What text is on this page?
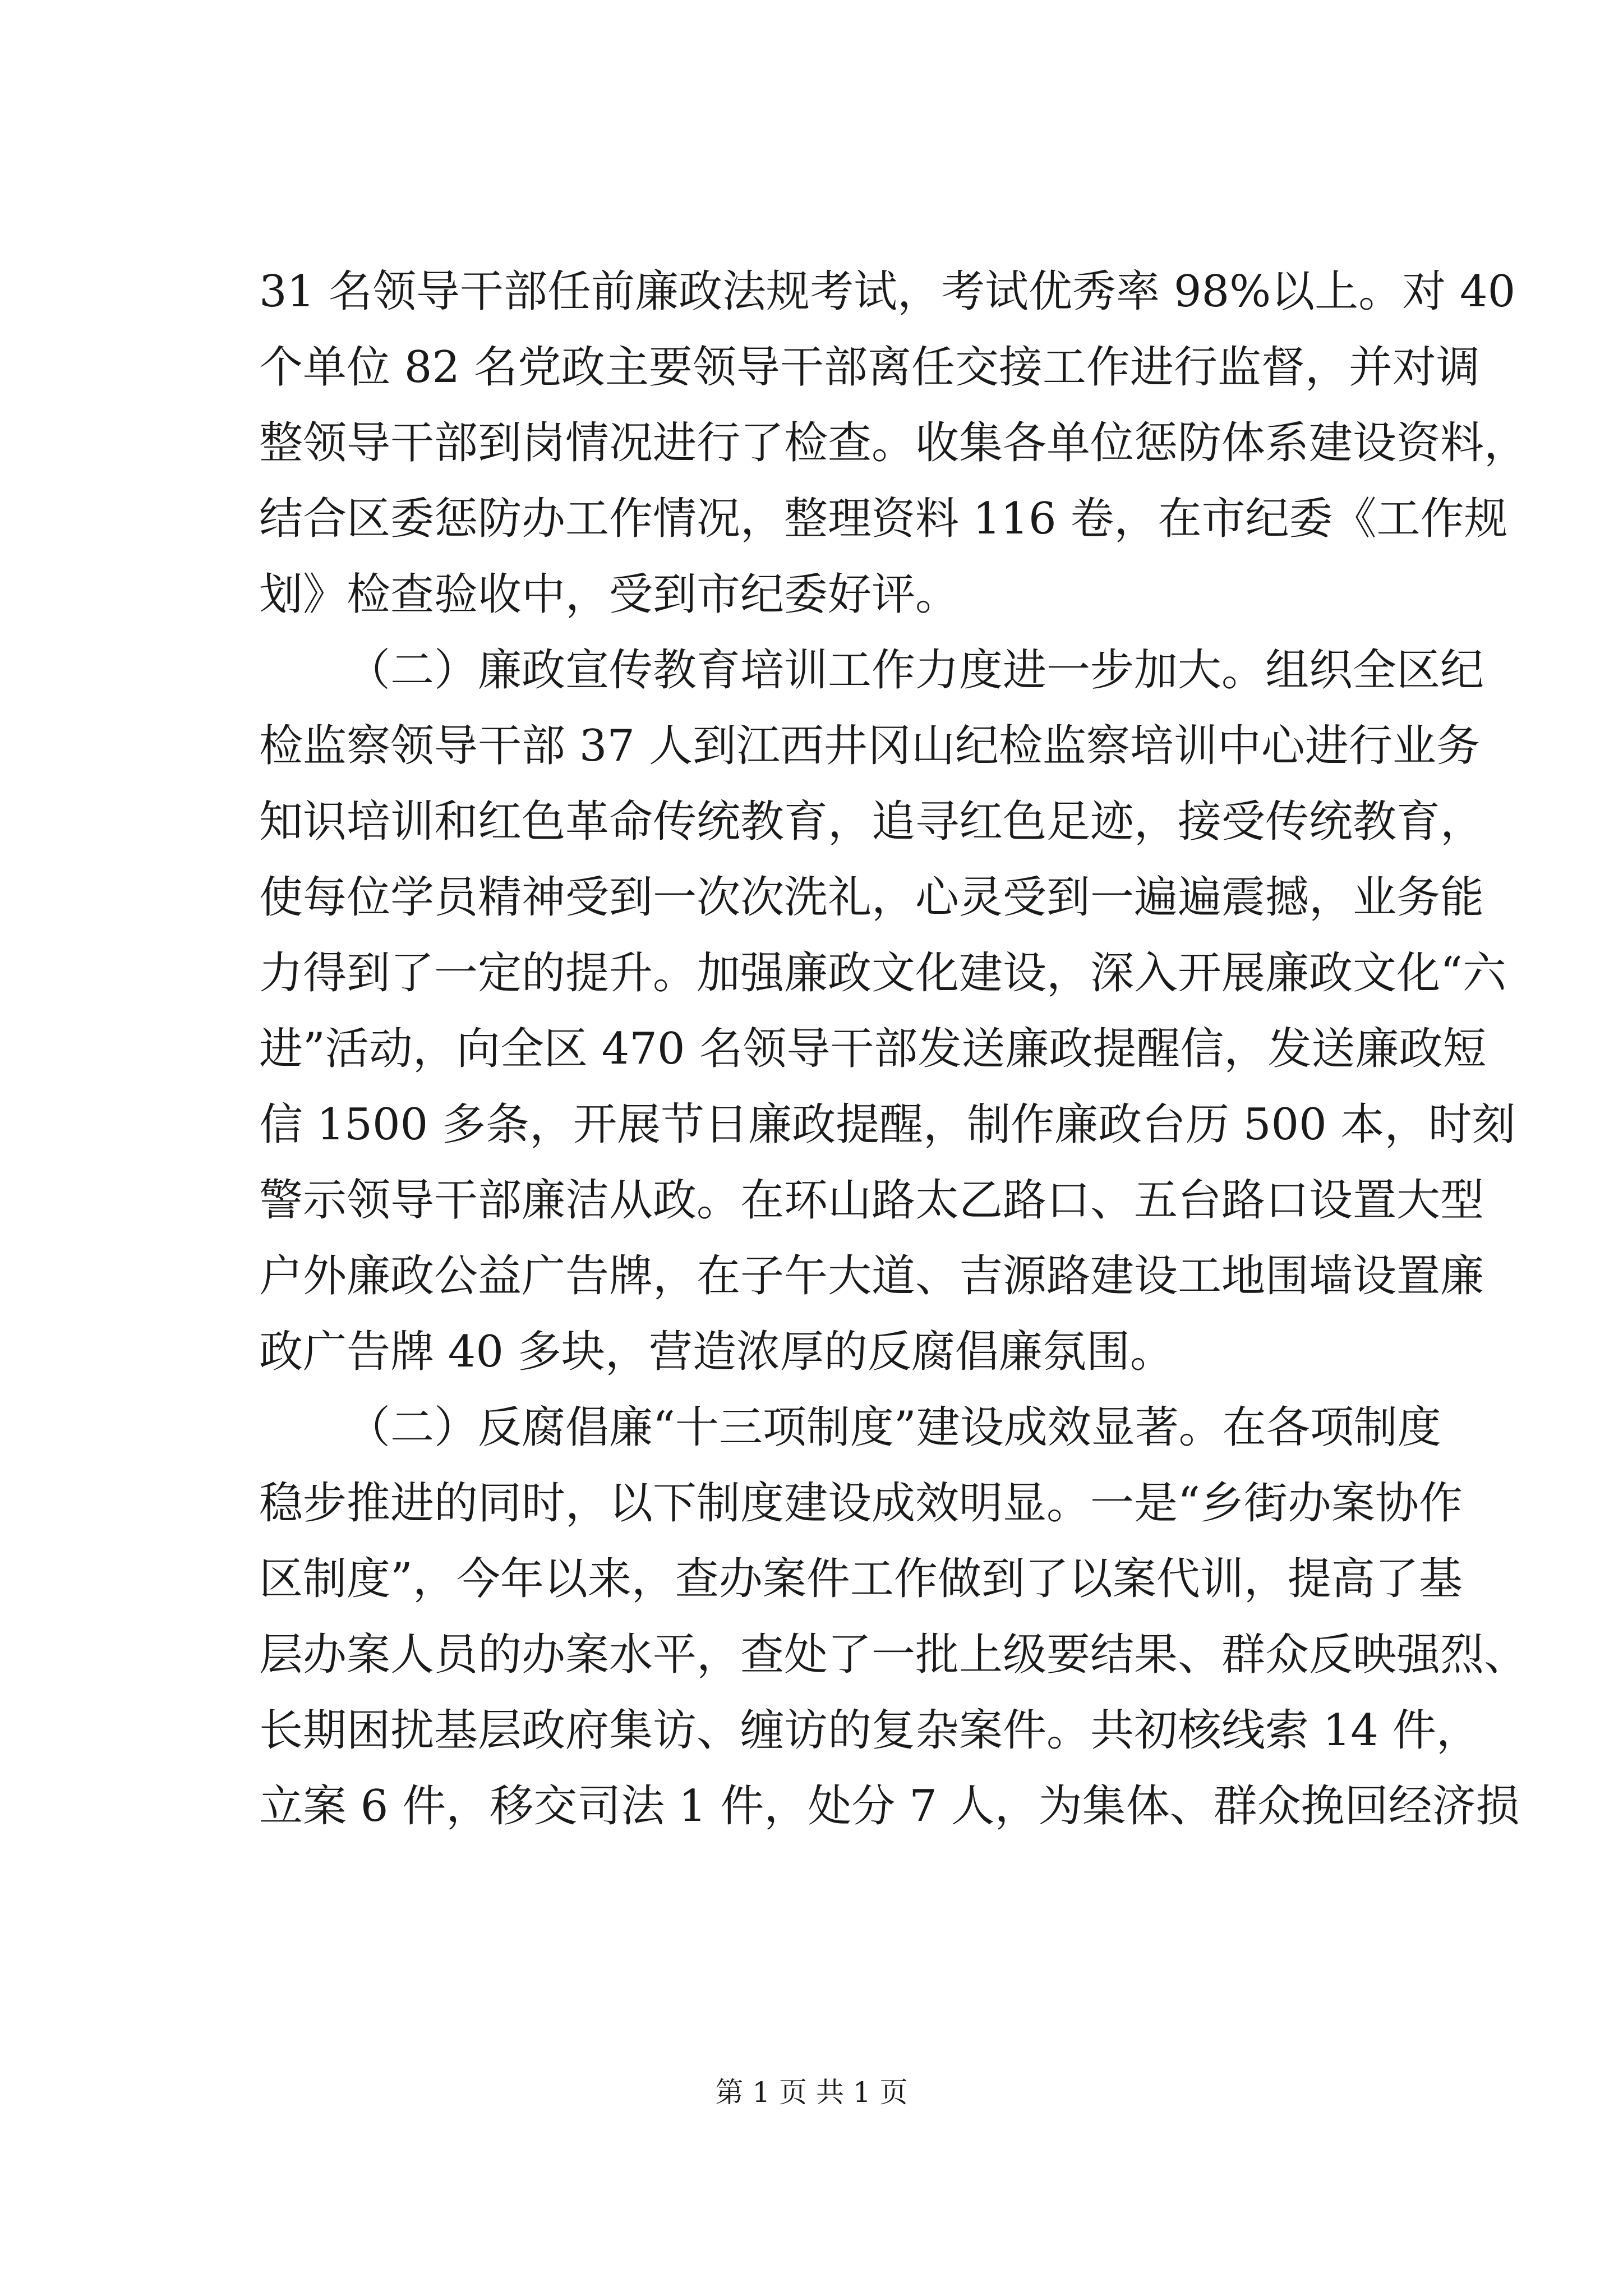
31 名领导干部任前廉政法规考试，考试优秀率 98%以上。对 40
个单位 82 名党政主要领导干部离任交接工作进行监督，并对调
整领导干部到岗情况进行了检查。收集各单位惩防体系建设资料，
结合区委惩防办工作情况，整理资料 116 卷，在市纪委《工作规
划》检查验收中，受到市纪委好评。
（二）廉政宣传教育培训工作力度进一步加大。组织全区纪
检监察领导干部 37 人到江西井冈山纪检监察培训中心进行业务
知识培训和红色革命传统教育，追寻红色足迹，接受传统教育，
使每位学员精神受到一次次洗礼，心灵受到一遍遍震撼，业务能
力得到了一定的提升。加强廉政文化建设，深入开展廉政文化“六
进”活动，向全区 470 名领导干部发送廉政提醒信，发送廉政短
信 1500 多条，开展节日廉政提醒，制作廉政台历 500 本，时刻
警示领导干部廉洁从政。在环山路太乙路口、五台路口设置大型
户外廉政公益广告牌，在子午大道、吉源路建设工地围墙设置廉
政广告牌 40 多块，营造浓厚的反腐倡廉氛围。
（二）反腐倡廉“十三项制度”建设成效显著。在各项制度
稳步推进的同时，以下制度建设成效明显。一是“乡街办案协作
区制度”，今年以来，查办案件工作做到了以案代训，提高了基
层办案人员的办案水平，查处了一批上级要结果、群众反映强烈、
长期困扰基层政府集访、缠访的复杂案件。共初核线索 14 件，
立案 6 件，移交司法 1 件，处分 7 人，为集体、群众挽回经济损
第 1 页 共 1 页
